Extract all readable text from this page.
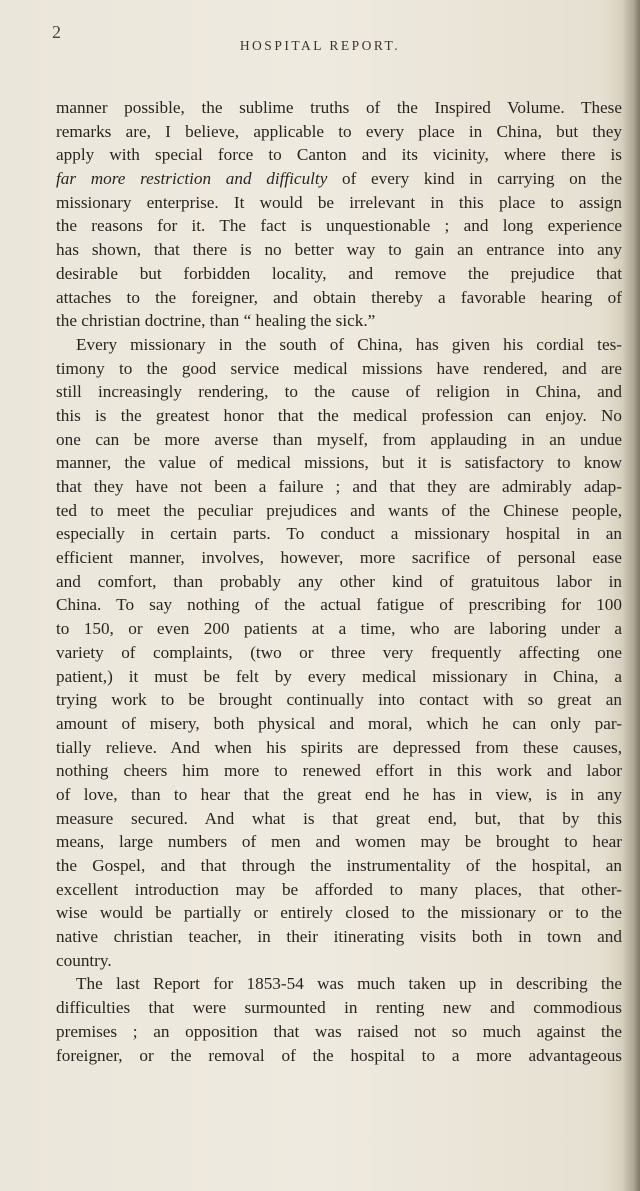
2
HOSPITAL REPORT.
manner possible, the sublime truths of the Inspired Volume. These
remarks are, I believe, applicable to every place in China, but they
apply with special force to Canton and its vicinity, where there is
far more restriction and difficulty of every kind in carrying on the
missionary enterprise. It would be irrelevant in this place to assign
the reasons for it. The fact is unquestionable ; and long experience
has shown, that there is no better way to gain an entrance into any
desirable but forbidden locality, and remove the prejudice that
attaches to the foreigner, and obtain thereby a favorable hearing of
the christian doctrine, than “ healing the sick.”
Every missionary in the south of China, has given his cordial tes-
timony to the good service medical missions have rendered, and are
still increasingly rendering, to the cause of religion in China, and
this is the greatest honor that the medical profession can enjoy. No
one can be more averse than myself, from applauding in an undue
manner, the value of medical missions, but it is satisfactory to know
that they have not been a failure ; and that they are admirably adap-
ted to meet the peculiar prejudices and wants of the Chinese people,
especially in certain parts. To conduct a missionary hospital in an
efficient manner, involves, however, more sacrifice of personal ease
and comfort, than probably any other kind of gratuitous labor in
China. To say nothing of the actual fatigue of prescribing for 100
to 150, or even 200 patients at a time, who are laboring under a
variety of complaints, (two or three very frequently affecting one
patient,) it must be felt by every medical missionary in China, a
trying work to be brought continually into contact with so great an
amount of misery, both physical and moral, which he can only par-
tially relieve. And when his spirits are depressed from these causes,
nothing cheers him more to renewed effort in this work and labor
of love, than to hear that the great end he has in view, is in any
measure secured. And what is that great end, but, that by this
means, large numbers of men and women may be brought to hear
the Gospel, and that through the instrumentality of the hospital, an
excellent introduction may be afforded to many places, that other-
wise would be partially or entirely closed to the missionary or to the
native christian teacher, in their itinerating visits both in town and
country.
The last Report for 1853-54 was much taken up in describing the
difficulties that were surmounted in renting new and commodious
premises ; an opposition that was raised not so much against the
foreigner, or the removal of the hospital to a more advantageous
